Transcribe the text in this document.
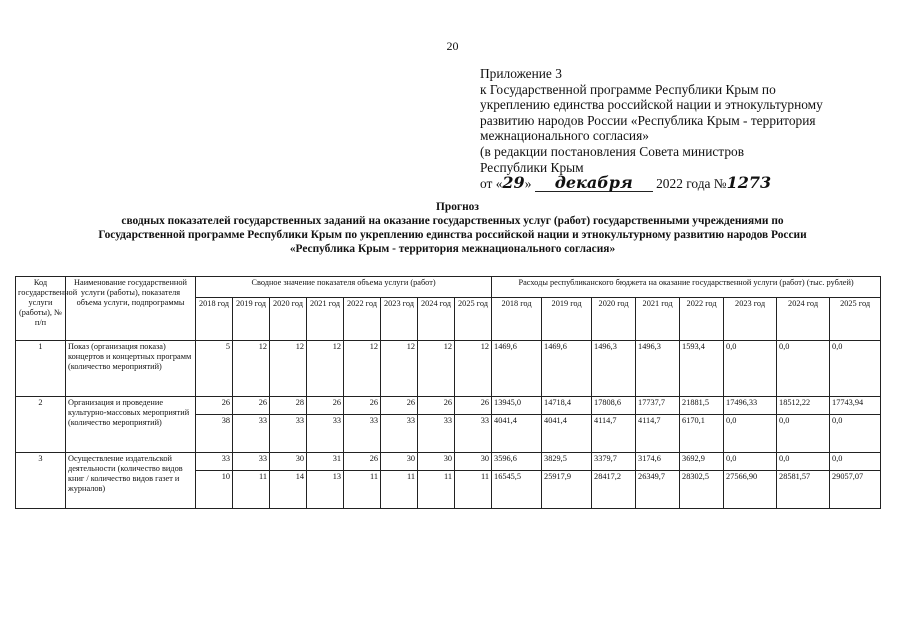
20
Приложение 3
к Государственной программе Республики Крым по
укреплению единства российской нации и этнокультурному
развитию народов России «Республика Крым - территория
межнационального согласия»
(в редакции постановления Совета министров
Республики Крым
от «29» декабря 2022 года №1273
Прогноз
сводных показателей государственных заданий на оказание государственных услуг (работ) государственными учреждениями по
Государственной программе Республики Крым по укреплению единства российской нации и этнокультурному развитию народов России
«Республика Крым - территория межнационального согласия»
Код государственной услуги (работы), № п/п	Наименование государственной услуги (работы), показателя объема услуги, подпрограммы	Сводное значение показателя объема услуги (работ)								Расходы республиканского бюджета на оказание государственной услуги (работ) (тыс. рублей)							
		2018 год	2019 год	2020 год	2021 год	2022 год	2023 год	2024 год	2025 год	2018 год	2019 год	2020 год	2021 год	2022 год	2023 год	2024 год	2025 год
1	Показ (организация показа) концертов и концертных программ (количество мероприятий)	5	12	12	12	12	12	12	12	1469,6	1469,6	1496,3	1496,3	1593,4	0,0	0,0	0,0
2	Организация и проведение культурно-массовых мероприятий (количество мероприятий)	26	26	28	26	26	26	26	26	13945,0	14718,4	17808,6	17737,7	21881,5	17496,33	18512,22	17743,94
		38	33	33	33	33	33	33	33	4041,4	4041,4	4114,7	4114,7	6170,1	0,0	0,0	0,0
3	Осуществление издательской деятельности (количество видов книг / количество видов газет и журналов)	33	33	30	31	26	30	30	30	3596,6	3829,5	3379,7	3174,6	3692,9	0,0	0,0	0,0
		10	11	14	13	11	11	11	11	16545,5	25917,9	28417,2	26349,7	28302,5	27566,90	28581,57	29057,07
